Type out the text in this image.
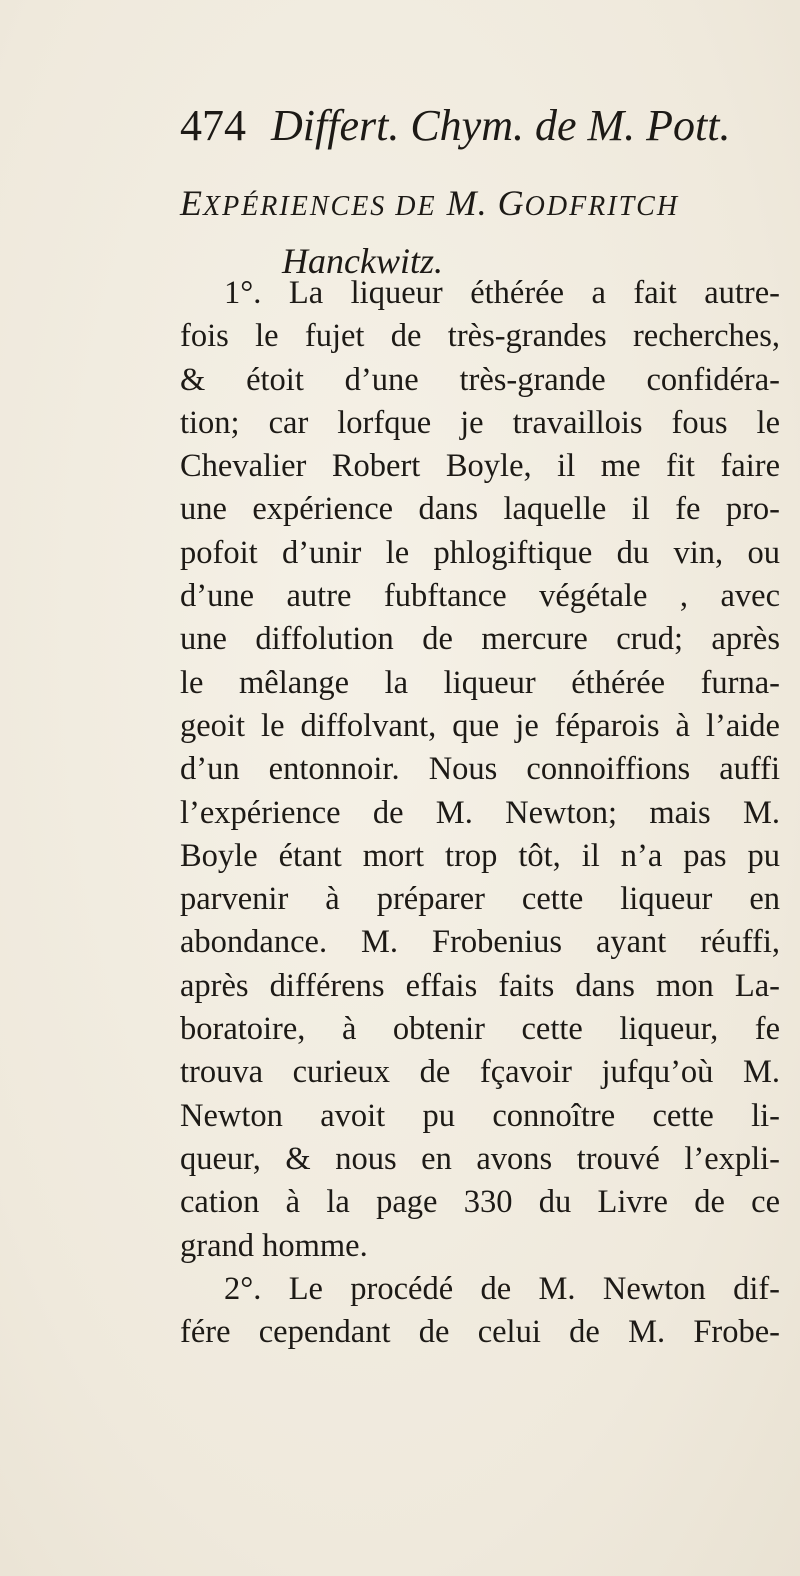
474 Differt. Chym. de M. Pott.
EXPÉRIENCES DE M. GODFRITCH
Hanckwitz.
1°. La liqueur éthérée a fait autre-
fois le fujet de très-grandes recherches,
& étoit d’une très-grande confidéra-
tion; car lorfque je travaillois fous le
Chevalier Robert Boyle, il me fit faire
une expérience dans laquelle il fe pro-
pofoit d’unir le phlogiftique du vin, ou
d’une autre fubftance végétale , avec
une diffolution de mercure crud; après
le mêlange la liqueur éthérée furna-
geoit le diffolvant, que je féparois à l’aide
d’un entonnoir. Nous connoiffions auffi
l’expérience de M. Newton; mais M.
Boyle étant mort trop tôt, il n’a pas pu
parvenir à préparer cette liqueur en
abondance. M. Frobenius ayant réuffi,
après différens effais faits dans mon La-
boratoire, à obtenir cette liqueur, fe
trouva curieux de fçavoir jufqu’où M.
Newton avoit pu connoître cette li-
queur, & nous en avons trouvé l’expli-
cation à la page 330 du Livre de ce
grand homme.
2°. Le procédé de M. Newton dif-
fére cependant de celui de M. Frobe-
